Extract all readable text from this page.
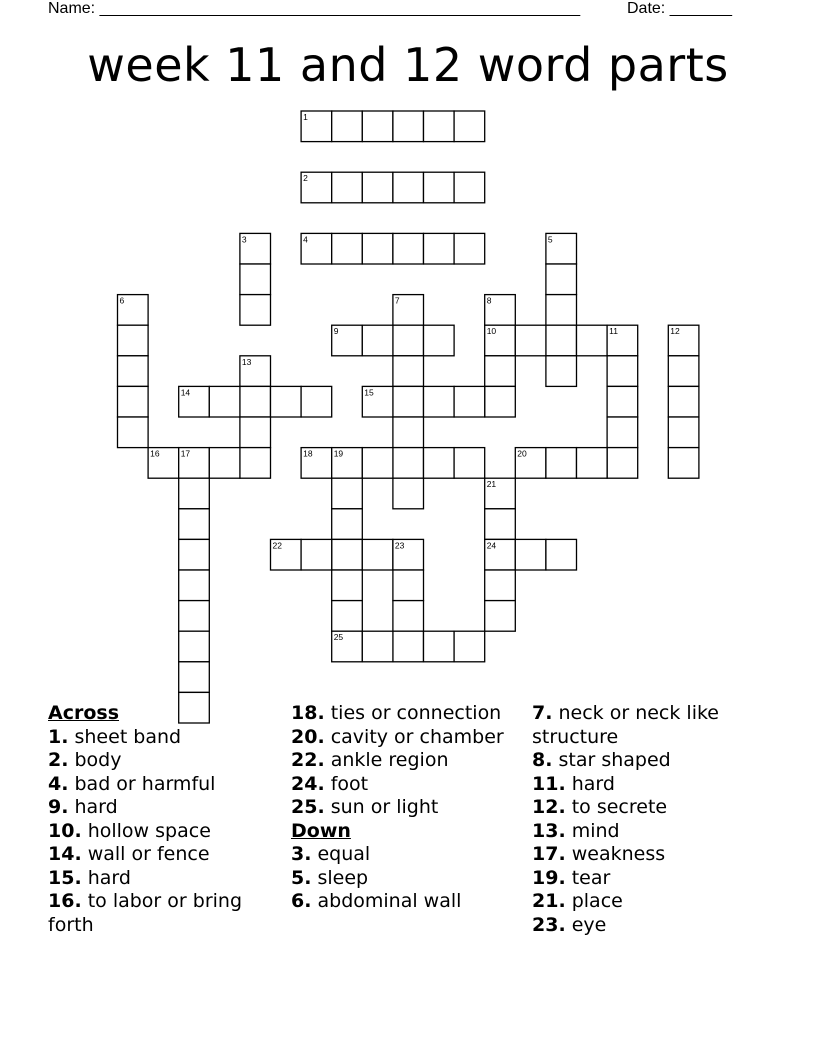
Name: ______________________________________________________	Date: _______
week 11 and 12 word parts
1
2
3	4	5
6	7	8
9	10	11	12
13
14	15
16 17	18 19	20
21
22	23	24
25
Across
1. sheet band
2. body
4. bad or harmful
9. hard
10. hollow space
14. wall or fence
15. hard
16. to labor or bring forth
18. ties or connection
20. cavity or chamber
22. ankle region
24. foot
25. sun or light
Down
3. equal
5. sleep
6. abdominal wall
7. neck or neck like structure
8. star shaped
11. hard
12. to secrete
13. mind
17. weakness
19. tear
21. place
23. eye
